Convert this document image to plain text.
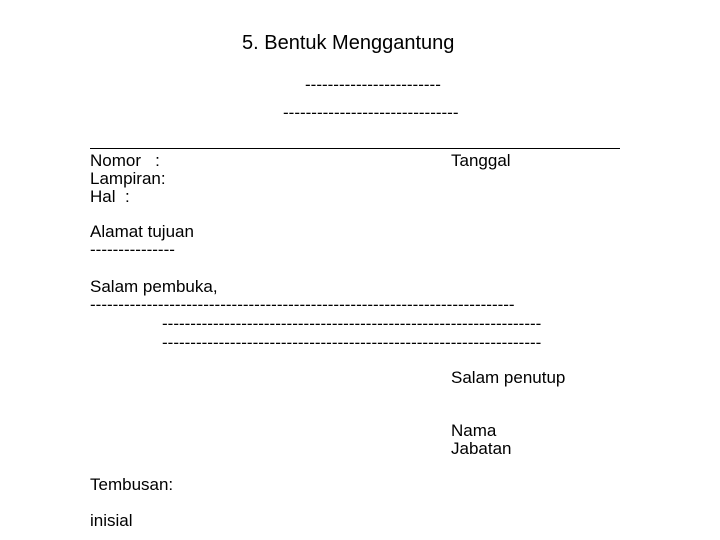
5. Bentuk Menggantung
------------------------
-------------------------------
Nomor   :	Tanggal
Lampiran:
Hal  :
Alamat tujuan
---------------
Salam pembuka,
---------------------------------------------------------------------------
-------------------------------------------------------------------
-------------------------------------------------------------------
Salam penutup
Nama
Jabatan
Tembusan:
inisial
